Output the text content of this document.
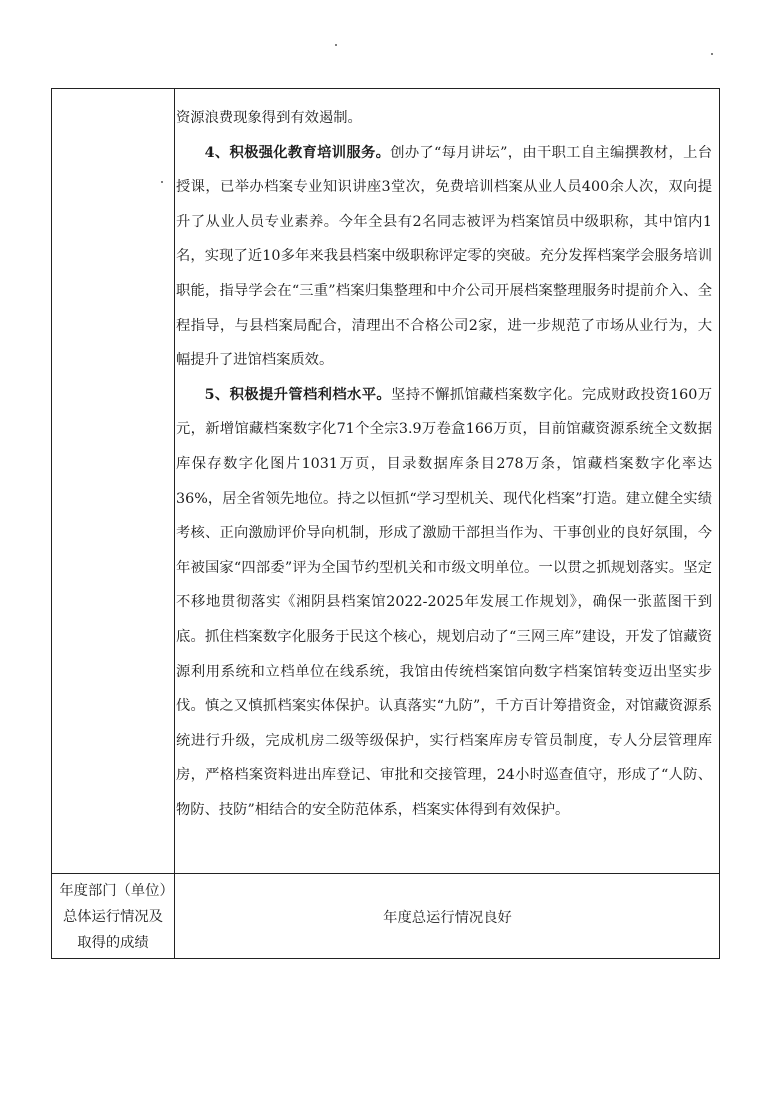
资源浪费现象得到有效遏制。

4、积极强化教育培训服务。创办了“每月讲坛”，由干职工自主编撰教材，上台授课，已举办档案专业知识讲座3堂次，免费培训档案从业人员400余人次，双向提升了从业人员专业素养。今年全县有2名同志被评为档案馆员中级职称，其中馆内1名，实现了近10多年来我县档案中级职称评定零的突破。充分发挥档案学会服务培训职能，指导学会在“三重”档案归集整理和中介公司开展档案整理服务时提前介入、全程指导，与县档案局配合，清理出不合格公司2家，进一步规范了市场从业行为，大幅提升了进馆档案质效。

5、积极提升管档利档水平。坚持不懈抓馆藏档案数字化。完成财政投资160万元，新增馆藏档案数字化71个全宗3.9万卷盒166万页，目前馆藏资源系统全文数据库保存数字化图片1031万页，目录数据库条目278万条，馆藏档案数字化率达36%，居全省领先地位。持之以恒抓“学习型机关、现代化档案”打造。建立健全实绩考核、正向激励评价导向机制，形成了激励干部担当作为、干事创业的良好氛围，今年被国家“四部委”评为全国节约型机关和市级文明单位。一以贯之抓规划落实。坚定不移地贯彻落实《湘阴县档案馆2022-2025年发展工作规划》，确保一张蓝图干到底。抓住档案数字化服务于民这个核心，规划启动了“三网三库”建设，开发了馆藏资源利用系统和立档单位在线系统，我馆由传统档案馆向数字档案馆转变迈出坚实步伐。慎之又慎抓档案实体保护。认真落实“九防”，千方百计筹措资金，对馆藏资源系统进行升级，完成机房二级等级保护，实行档案库房专管员制度，专人分层管理库房，严格档案资料进出库登记、审批和交接管理，24小时巡查值守，形成了“人防、物防、技防”相结合的安全防范体系，档案实体得到有效保护。

年度部门（单位）总体运行情况及取得的成绩
年度总运行情况良好
